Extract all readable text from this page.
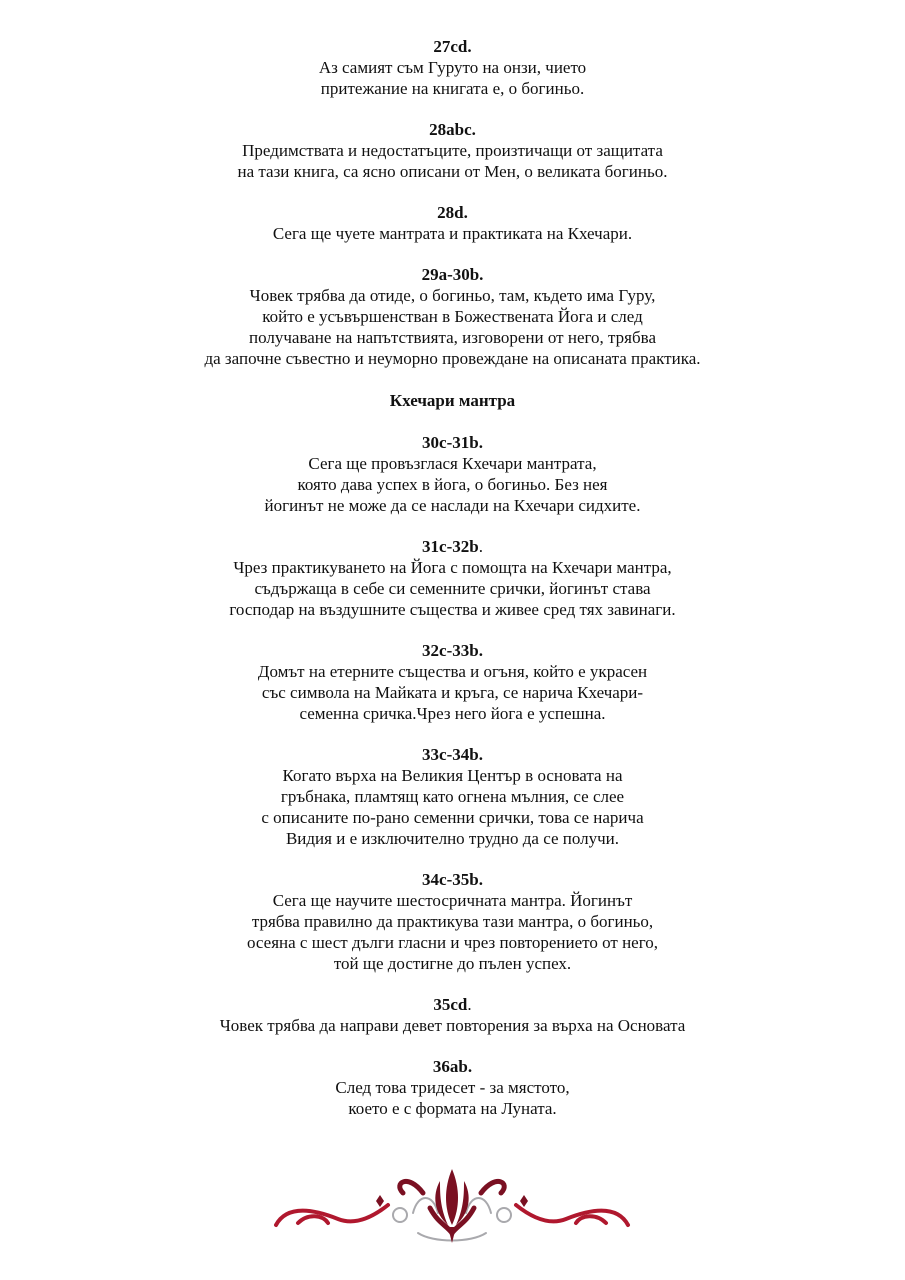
27cd.
Аз самият съм Гуруто на онзи, чието
притежание на книгата е, о богиньо.
28abc.
Предимствата и недостатъците, произтичащи от защитата
на тази книга, са ясно описани от Мен, о великата богиньо.
28d.
Сега ще чуете мантрата и практиката на Кхечари.
29a-30b.
Човек трябва да отиде, о богиньо, там, където има Гуру,
който е усъвършенстван в Божествената Йога и след
получаване на напътствията, изговорени от него, трябва
да започне съвестно и неуморно провеждане на описаната практика.
Кхечари мантра
30c-31b.
Сега ще провъзглася Кхечари мантрата,
която дава успех в йога, о богиньо. Без нея
йогинът не може да се наслади на Кхечари сидхите.
31c-32b.
Чрез практикуването на Йога с помощта на Кхечари мантра,
съдържаща в себе си семенните срички, йогинът става
господар на въздушните същества и живее сред тях завинаги.
32c-33b.
Домът на етерните същества и огъня, който е украсен
със символа на Майката и кръга, се нарича Кхечари-
семенна сричка.Чрез него йога е успешна.
33c-34b.
Когато върха на Великия Център в основата на
гръбнака, пламтящ като огнена мълния, се слее
с описаните по-рано семенни срички, това се нарича
Видия и е изключително трудно да се получи.
34c-35b.
Сега ще научите шестосричната мантра. Йогинът
трябва правилно да практикува тази мантра, о богиньо,
осеяна с шест дълги гласни и чрез повторението от него,
той ще достигне до пълен успех.
35cd.
Човек трябва да направи девет повторения за върха на Основата
36ab.
След това тридесет - за мястото,
което е с формата на Луната.
